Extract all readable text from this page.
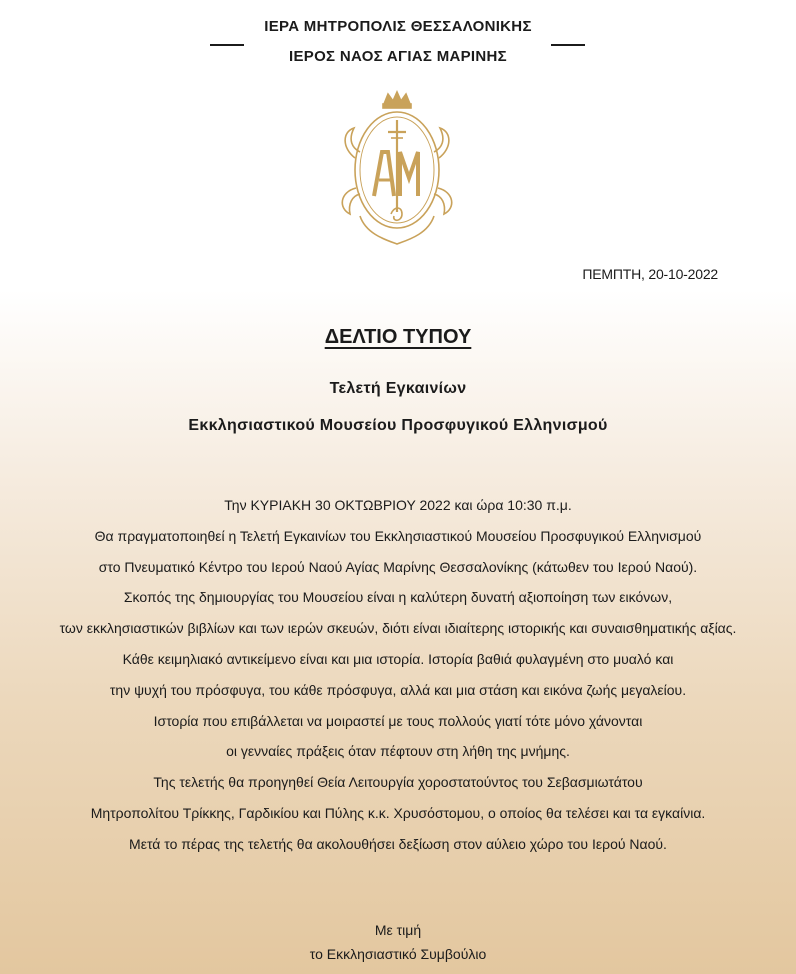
ΙΕΡΑ ΜΗΤΡΟΠΟΛΙΣ ΘΕΣΣΑΛΟΝΙΚΗΣ
ΙΕΡΟΣ ΝΑΟΣ ΑΓΙΑΣ ΜΑΡΙΝΗΣ
ΠΕΜΠΤΗ, 20-10-2022
ΔΕΛΤΙΟ ΤΥΠΟΥ
Τελετή Εγκαινίων
Εκκλησιαστικού Μουσείου Προσφυγικού Ελληνισμού
Την ΚΥΡΙΑΚΗ 30 ΟΚΤΩΒΡΙΟΥ 2022 και ώρα 10:30 π.μ.
Θα πραγματοποιηθεί η Τελετή Εγκαινίων του Εκκλησιαστικού Μουσείου Προσφυγικού Ελληνισμού
στο Πνευματικό Κέντρο του Ιερού Ναού Αγίας Μαρίνης Θεσσαλονίκης (κάτωθεν του Ιερού Ναού).
Σκοπός της δημιουργίας του Μουσείου είναι η καλύτερη δυνατή αξιοποίηση των εικόνων,
των εκκλησιαστικών βιβλίων και των ιερών σκευών, διότι είναι ιδιαίτερης ιστορικής και συναισθηματικής αξίας.
Κάθε κειμηλιακό αντικείμενο είναι και μια ιστορία. Ιστορία βαθιά φυλαγμένη στο μυαλό και
την ψυχή του πρόσφυγα, του κάθε πρόσφυγα, αλλά και μια στάση και εικόνα ζωής μεγαλείου.
Ιστορία που επιβάλλεται να μοιραστεί με τους πολλούς γιατί τότε μόνο χάνονται
οι γενναίες πράξεις όταν πέφτουν στη λήθη της μνήμης.
Της τελετής θα προηγηθεί Θεία Λειτουργία χοροστατούντος του Σεβασμιωτάτου
Μητροπολίτου Τρίκκης, Γαρδικίου και Πύλης κ.κ. Χρυσόστομου, ο οποίος θα τελέσει και τα εγκαίνια.
Μετά το πέρας της τελετής θα ακολουθήσει δεξίωση στον αύλειο χώρο του Ιερού Ναού.
Με τιμή
το Εκκλησιαστικό Συμβούλιο
